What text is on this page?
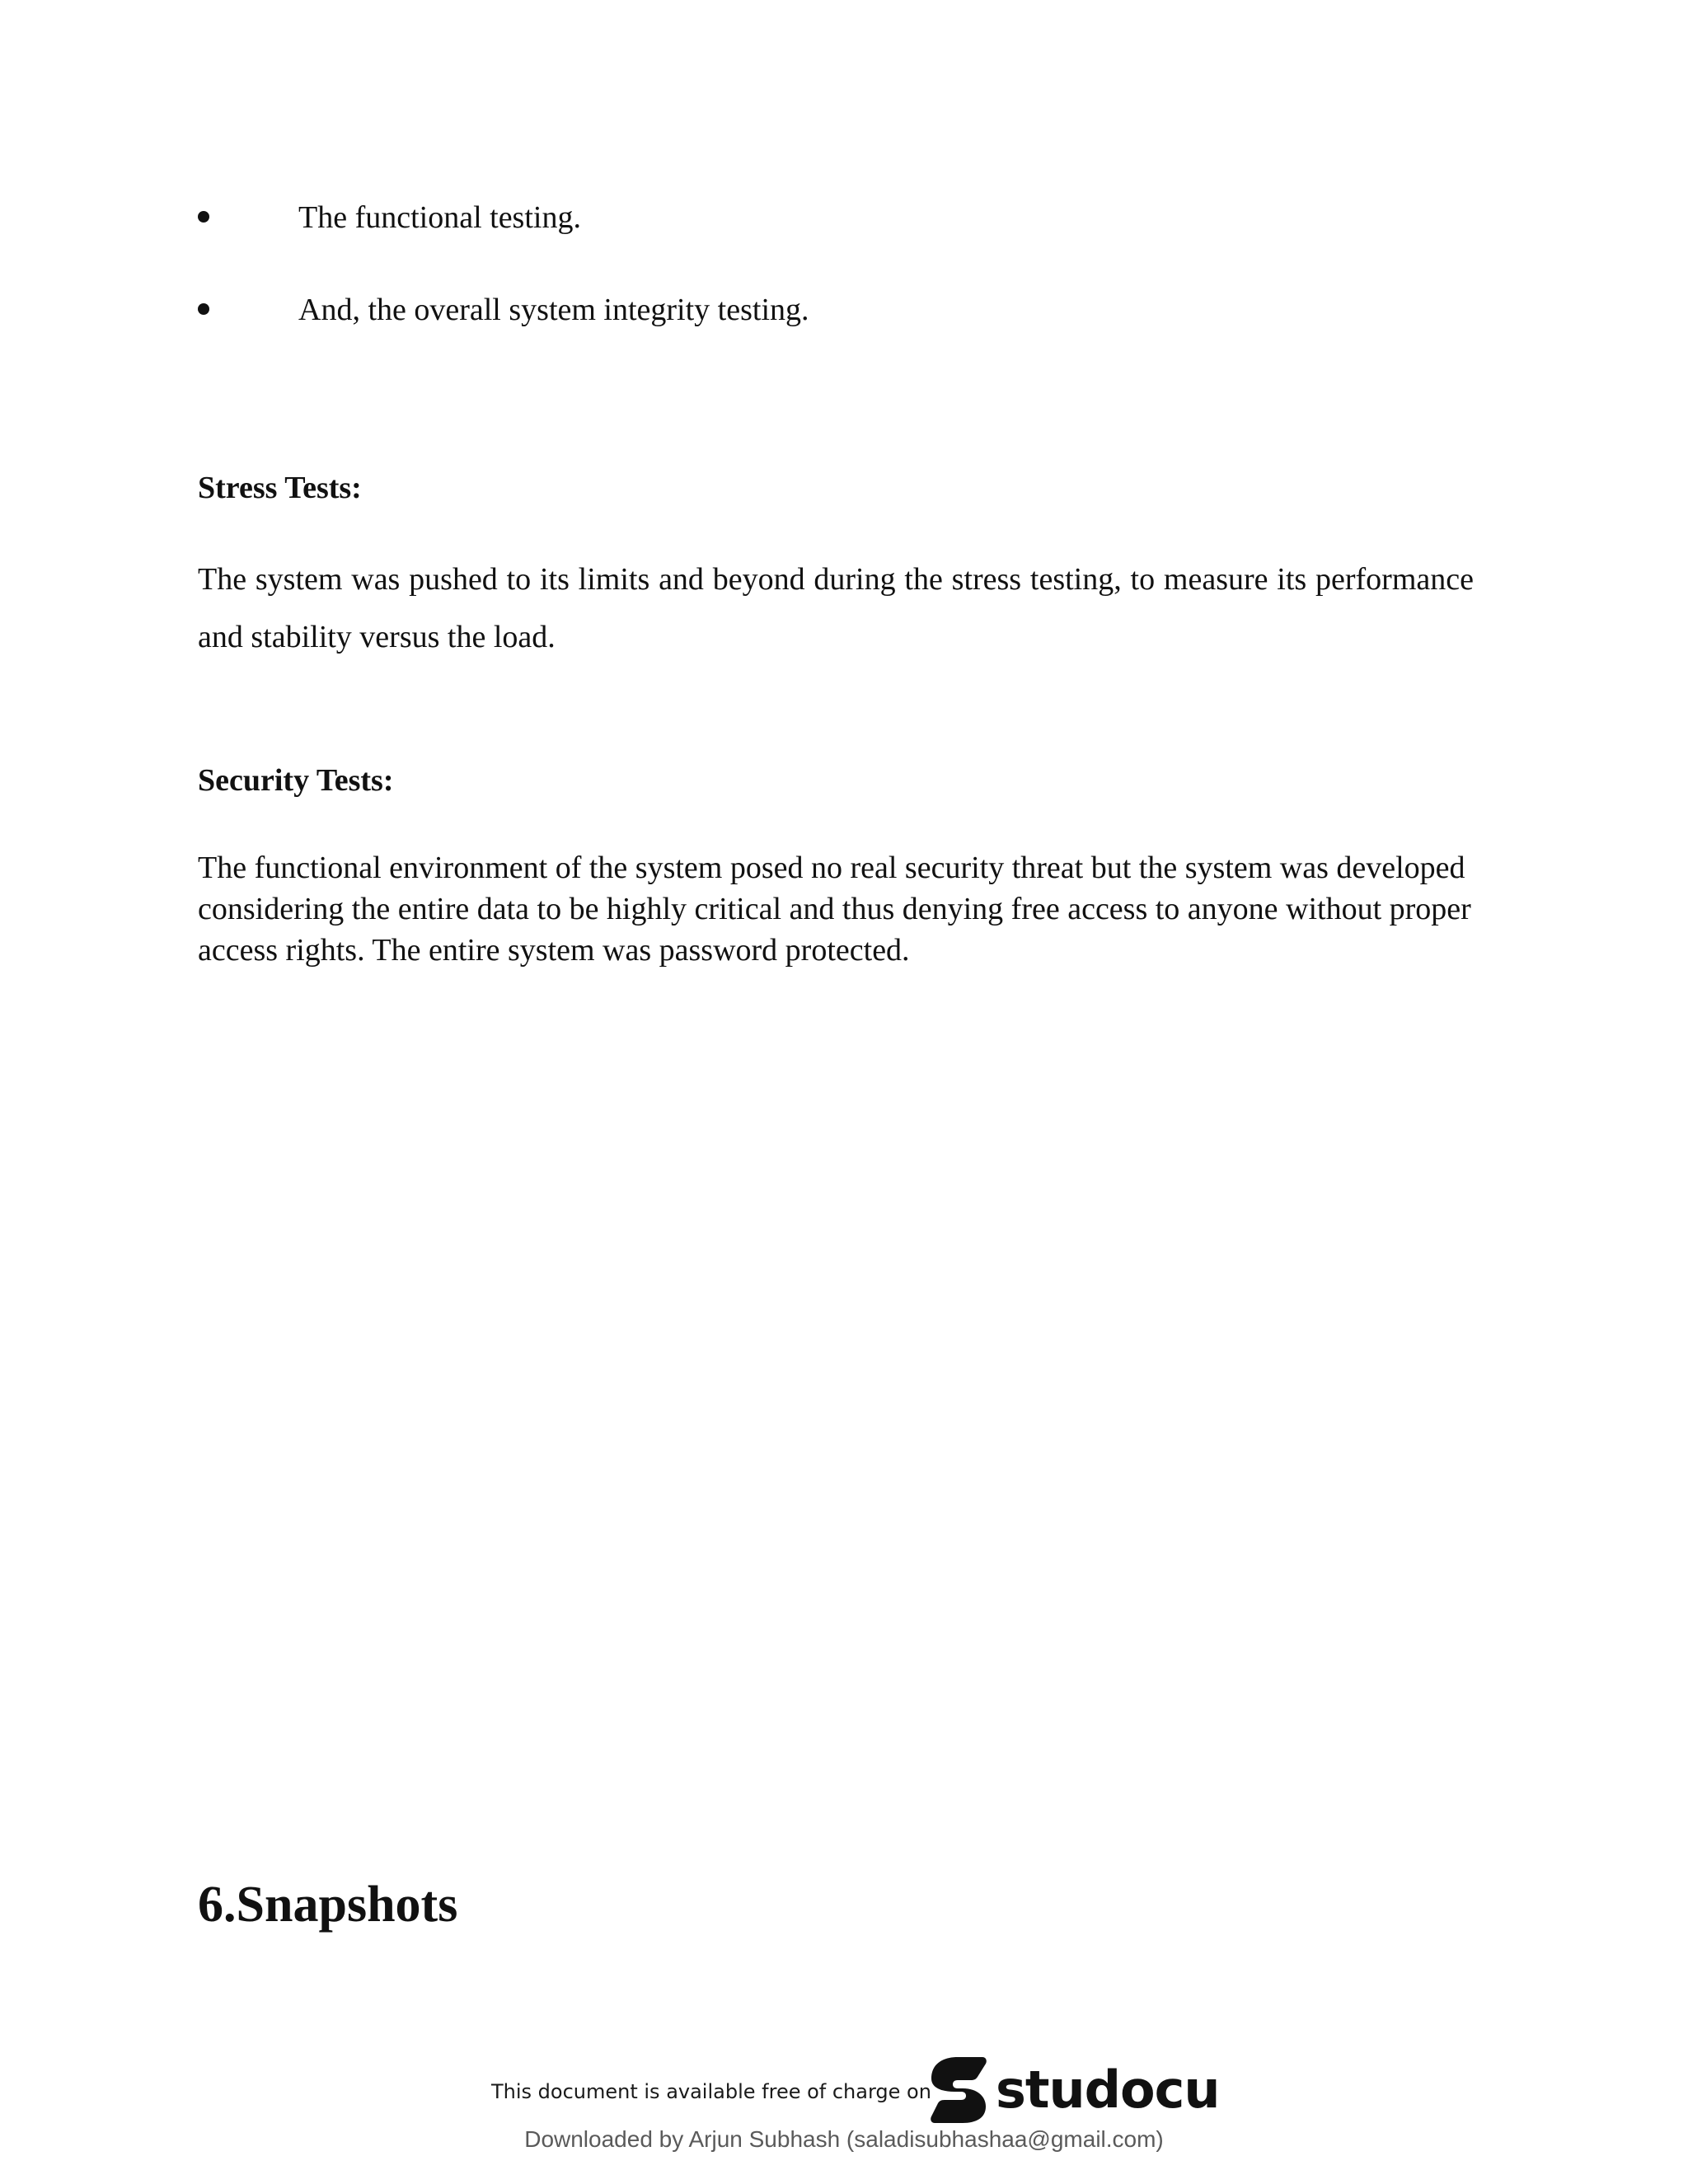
The functional testing.
And, the overall system integrity testing.
Stress Tests:
The system was pushed to its limits and beyond during the stress testing, to measure its performance and stability versus the load.
Security Tests:
The functional environment of the system posed no real security threat but the system was developed considering the entire data to be highly critical and thus denying free access to anyone without proper access rights. The entire system was password protected.
6.Snapshots
This document is available free of charge on studocu
Downloaded by Arjun Subhash (saladisubhashaa@gmail.com)
